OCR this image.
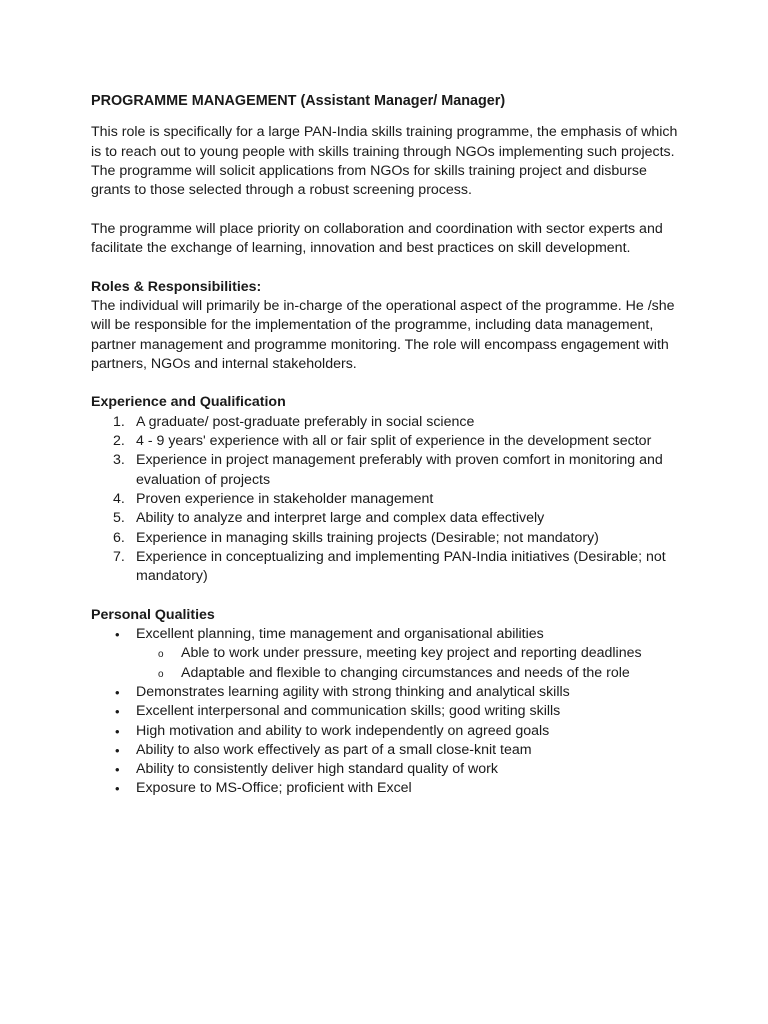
PROGRAMME MANAGEMENT (Assistant Manager/ Manager)

This role is specifically for a large PAN-India skills training programme, the emphasis of which is to reach out to young people with skills training through NGOs implementing such projects. The programme will solicit applications from NGOs for skills training project and disburse grants to those selected through a robust screening process.

The programme will place priority on collaboration and coordination with sector experts and facilitate the exchange of learning, innovation and best practices on skill development.

Roles & Responsibilities:
The individual will primarily be in-charge of the operational aspect of the programme. He /she will be responsible for the implementation of the programme, including data management, partner management and programme monitoring. The role will encompass engagement with partners, NGOs and internal stakeholders.
Experience and Qualification
1. A graduate/ post-graduate preferably in social science
2. 4 - 9 years' experience with all or fair split of experience in the development sector
3. Experience in project management preferably with proven comfort in monitoring and evaluation of projects
4. Proven experience in stakeholder management
5. Ability to analyze and interpret large and complex data effectively
6. Experience in managing skills training projects (Desirable; not mandatory)
7. Experience in conceptualizing and implementing PAN-India initiatives (Desirable; not mandatory)
Personal Qualities
• Excellent planning, time management and organisational abilities
o Able to work under pressure, meeting key project and reporting deadlines
o Adaptable and flexible to changing circumstances and needs of the role
• Demonstrates learning agility with strong thinking and analytical skills
• Excellent interpersonal and communication skills; good writing skills
• High motivation and ability to work independently on agreed goals
• Ability to also work effectively as part of a small close-knit team
• Ability to consistently deliver high standard quality of work
• Exposure to MS-Office; proficient with Excel
